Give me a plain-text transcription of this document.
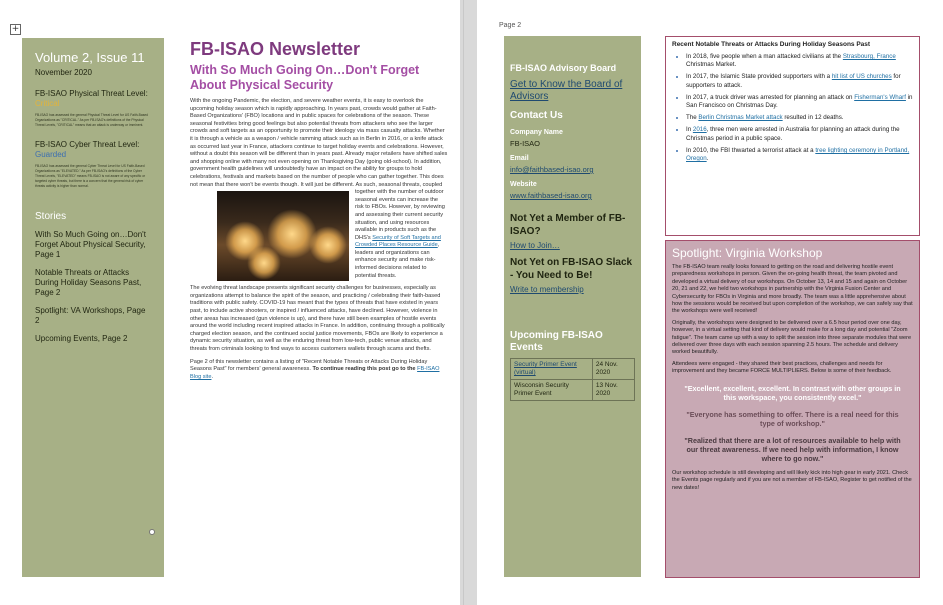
+
Volume 2, Issue 11
November 2020
FB-ISAO Physical Threat Level:
Critical
FB-ISAO has assessed the general Physical Threat Level for US Faith-Based Organizations as "CRITICAL." As per FB-ISAO's definitions of the Physical Threat Levels, "CRITICAL" means that an attack is underway or imminent.
FB-ISAO Cyber Threat Level:
Guarded
FB-ISAO has assessed the general Cyber Threat Level for US Faith-Based Organizations as "ELEVATED." As per FB-ISAO's definitions of the Cyber Threat Levels, "ELEVATED" means FB-ISAO is not aware of any specific or targeted cyber threats, but there is a concern that the general risk of cyber threats activity is higher than normal.
Stories
With So Much Going on…Don't Forget About Physical Security, Page 1
Notable Threats or Attacks During Holiday Seasons Past, Page 2
Spotlight: VA Workshops, Page 2
Upcoming Events, Page 2
FB-ISAO Newsletter
With So Much Going On…Don't Forget About Physical Security

With the ongoing Pandemic, the election, and severe weather events, it is easy to overlook the upcoming holiday season which is rapidly approaching. In years past, crowds would gather at Faith-Based Organizations' (FBO) locations and in public spaces for celebrations of the season. These seasonal festivities bring good feelings but also potential threats from attackers who see the larger crowds and soft targets as an opportunity to promote their ideology via mass casualty attacks. Whether it is through a vehicle as a weapon / vehicle ramming attack such as in Berlin in 2016, or a knife attack as occurred last year in France, attackers continue to target holiday events and celebrations. However, without a doubt this season will be different than in years past. Already major retailers have shifted sales and shopping online with many not even opening on Thanksgiving Day (going old-school). In addition, government health guidelines will undoubtedly have an impact on the ability for groups to hold celebrations, festivals and markets based on the number of people who can gather together. This does not mean that there won't be events though. It will just be different. As such, seasonal threats, coupled together with the number of outdoor
seasonal events can increase the risk to FBOs. However, by reviewing and assessing their current security situation, and using resources available in products such as the DHS's Security of Soft Targets and Crowded Places Resource Guide, leaders and organizations can enhance security and make risk-informed decisions related to potential threats.

The evolving threat landscape presents significant security challenges for businesses, especially as organizations attempt to balance the spirit of the season, and practicing / celebrating their faith-based traditions with public safety. COVID-19 has meant that the types of threats that have existed in years past, to include active shooters, or inspired / influenced attacks, have declined. However, violence in other areas has increased (gun violence is up), and there have still been examples of hostile events around the world including recent inspired attacks in France. In addition, continuing through a politically charged election season, and the continued social justice movements, FBOs are likely to experience a dynamic security situation, as well as the enduring threat from low-tech, public venue attacks, and threats from criminals looking to find ways to access customers wallets through scams and thefts.

Page 2 of this newsletter contains a listing of "Recent Notable Threats or Attacks During Holiday Seasons Past" for members' general awareness. To continue reading this post go to the FB-ISAO Blog site.

Page 2
FB-ISAO Advisory Board
Get to Know the Board of Advisors
Contact Us
Company Name
FB-ISAO
Email
info@faithbased-isao.org
Website
www.faithbased-isao.org
Not Yet a Member of FB-ISAO?
How to Join…
Not Yet on FB-ISAO Slack - You Need to Be!
Write to membership
Upcoming FB-ISAO Events
Security Primer Event (virtual)	24 Nov. 2020
Wisconsin Security Primer Event	13 Nov. 2020
Recent Notable Threats or Attacks During Holiday Seasons Past
• In 2018, five people when a man attacked civilians at the Strasbourg, France Christmas Market.
• In 2017, the Islamic State provided supporters with a hit list of US churches for supporters to attack.
• In 2017, a truck driver was arrested for planning an attack on Fisherman's Wharf in San Francisco on Christmas Day.
• The Berlin Christmas Market attack resulted in 12 deaths.
• In 2016, three men were arrested in Australia for planning an attack during the Christmas period in a public space.
• In 2010, the FBI thwarted a terrorist attack at a tree lighting ceremony in Portland, Oregon.
Spotlight: Virginia Workshop

The FB-ISAO team really looks forward to getting on the road and delivering hostile event preparedness workshops in person. Given the on-going health threat, the team pivoted and developed a virtual delivery of our workshops. On October 13, 14 and 15 and again on October 20, 21 and 22, we held two workshops in partnership with the Virginia Fusion Center and Cybersecurity for FBOs in Virginia and more broadly. The team was a little apprehensive about how the sessions would be received but upon completion of the workshop, we can safely say that the workshops were well received!

Originally, the workshops were designed to be delivered over a 6.5 hour period over one day, however, in a virtual setting that kind of delivery would make for a long day and potential "Zoom fatigue". The team came up with a way to split the session into three separate modules that were delivered over three days with each session spanning 2.5 hours. The schedule and delivery worked beautifully.

Attendees were engaged - they shared their best practices, challenges and needs for improvement and they became FORCE MULTIPLIERS. Below is some of their feedback.

"Excellent, excellent, excellent. In contrast with other groups in this workspace, you consistently excel."
"Everyone has something to offer. There is a real need for this type of workshop."
"Realized that there are a lot of resources available to help with our threat awareness. If we need help with information, I know where to go now."

Our workshop schedule is still developing and will likely kick into high gear in early 2021. Check the Events page regularly and if you are not a member of FB-ISAO, Register to get notified of the new dates!
